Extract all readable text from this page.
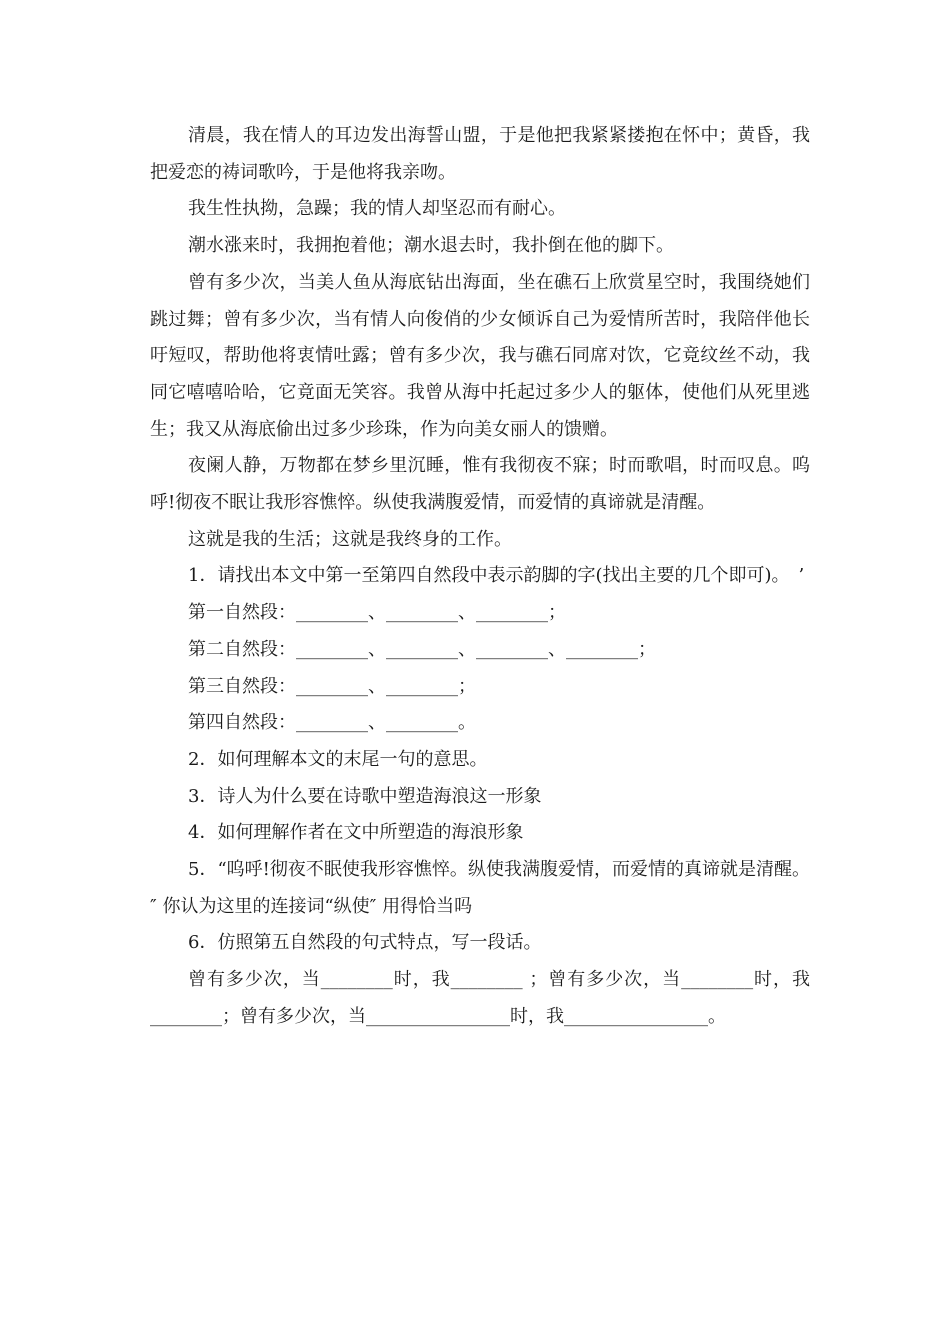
清晨，我在情人的耳边发出海誓山盟，于是他把我紧紧搂抱在怀中；黄昏，我把爱恋的祷词歌吟，于是他将我亲吻。

我生性执拗，急躁；我的情人却坚忍而有耐心。

潮水涨来时，我拥抱着他；潮水退去时，我扑倒在他的脚下。

曾有多少次，当美人鱼从海底钻出海面，坐在礁石上欣赏星空时，我围绕她们跳过舞；曾有多少次，当有情人向俊俏的少女倾诉自己为爱情所苦时，我陪伴他长吁短叹，帮助他将衷情吐露；曾有多少次，我与礁石同席对饮，它竟纹丝不动，我同它嘻嘻哈哈，它竟面无笑容。我曾从海中托起过多少人的躯体，使他们从死里逃生；我又从海底偷出过多少珍珠，作为向美女丽人的馈赠。

夜阑人静，万物都在梦乡里沉睡，惟有我彻夜不寐；时而歌唱，时而叹息。呜呼!彻夜不眠让我形容憔悴。纵使我满腹爱情，而爱情的真谛就是清醒。

这就是我的生活；这就是我终身的工作。

1．请找出本文中第一至第四自然段中表示韵脚的字(找出主要的几个即可)。　’

第一自然段：________、________、________；

第二自然段：________、________、________、________；

第三自然段：________、________；

第四自然段：________、________。

2．如何理解本文的末尾一句的意思。

3．诗人为什么要在诗歌中塑造海浪这一形象

4．如何理解作者在文中所塑造的海浪形象

5．“呜呼!彻夜不眠使我形容憔悴。纵使我满腹爱情，而爱情的真谛就是清醒。″ 你认为这里的连接词“纵使″ 用得恰当吗

6．仿照第五自然段的句式特点，写一段话。

曾有多少次，当________时，我________ ；曾有多少次，当________时，我________；曾有多少次，当________________时，我________________。
